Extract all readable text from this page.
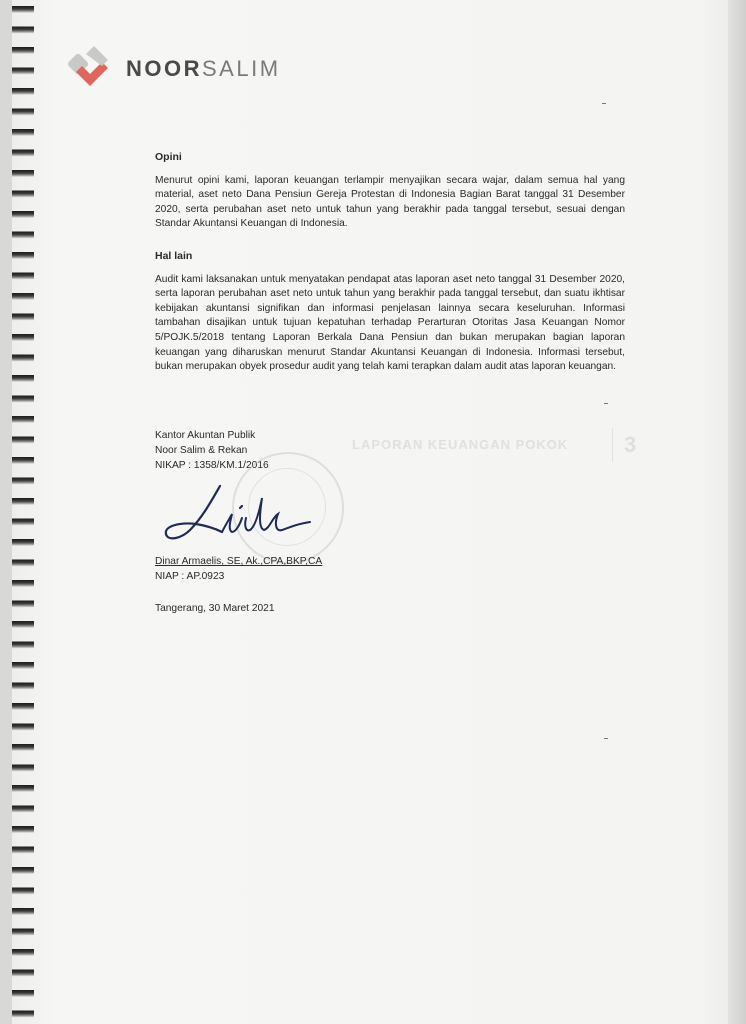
NOORSALIM

Opini

Menurut opini kami, laporan keuangan terlampir menyajikan secara wajar, dalam semua hal yang material, aset neto Dana Pensiun Gereja Protestan di Indonesia Bagian Barat tanggal 31 Desember 2020, serta perubahan aset neto untuk tahun yang berakhir pada tanggal tersebut, sesuai dengan Standar Akuntansi Keuangan di Indonesia.

Hal lain

Audit kami laksanakan untuk menyatakan pendapat atas laporan aset neto tanggal 31 Desember 2020, serta laporan perubahan aset neto untuk tahun yang berakhir pada tanggal tersebut, dan suatu ikhtisar kebijakan akuntansi signifikan dan informasi penjelasan lainnya secara keseluruhan. Informasi tambahan disajikan untuk tujuan kepatuhan terhadap Perarturan Otoritas Jasa Keuangan Nomor 5/POJK.5/2018 tentang Laporan Berkala Dana Pensiun dan bukan merupakan bagian laporan keuangan yang diharuskan menurut Standar Akuntansi Keuangan di Indonesia. Informasi tersebut, bukan merupakan obyek prosedur audit yang telah kami terapkan dalam audit atas laporan keuangan.

LAPORAN KEUANGAN POKOK	3
Kantor Akuntan Publik
Noor Salim & Rekan
NIKAP : 1358/KM.1/2016
Dinar Armaelis, SE, Ak.,CPA,BKP,CA
NIAP : AP.0923
Tangerang, 30 Maret 2021
